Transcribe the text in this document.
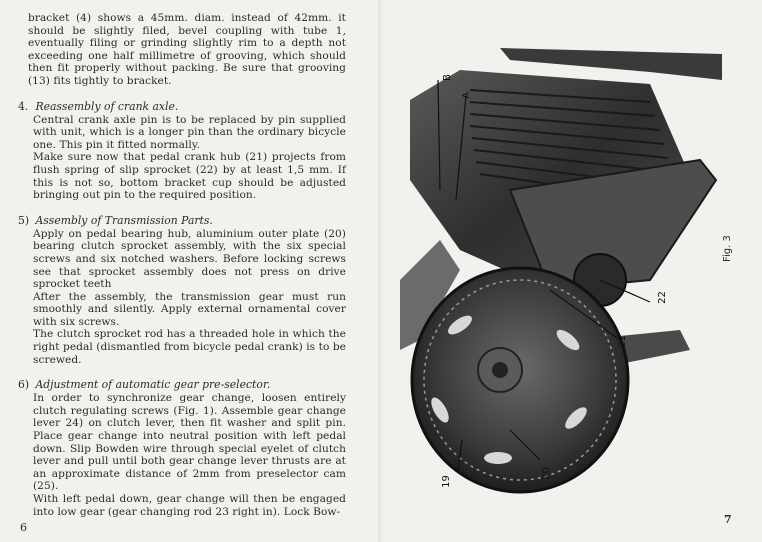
bracket (4) shows a 45mm. diam. instead of 42mm. it should be slightly filed, bevel coupling with tube 1, eventually filing or grinding slightly rim to a depth not exceeding one half millimetre of grooving, which should then fit properly without packing. Be sure that grooving (13) fits tightly to bracket.

4. Reassembly of crank axle.

Central crank axle pin is to be replaced by pin supplied with unit, which is a longer pin than the ordinary bicycle one. This pin it fitted normally.

Make sure now that pedal crank hub (21) projects from flush spring of slip sprocket (22) by at least 1,5 mm. If this is not so, bottom bracket cup should be adjusted bringing out pin to the required position.

5) Assembly of Transmission Parts.

Apply on pedal bearing hub, aluminium outer plate (20) bearing clutch sprocket assembly, with the six special screws and six notched washers. Before locking screws see that sprocket assembly does not press on drive sprocket teeth

After the assembly, the transmission gear must run smoothly and silently. Apply external ornamental cover with six screws.

The clutch sprocket rod has a threaded hole in which the right pedal (dismantled from bicycle pedal crank) is to be screwed.

6) Adjustment of automatic gear pre-selector.

In order to synchronize gear change, loosen entirely clutch regulating screws (Fig. 1). Assemble gear change lever 24) on clutch lever, then fit washer and split pin. Place gear change into neutral position with left pedal down. Slip Bowden wire through special eyelet of clutch lever and pull until both gear change lever thrusts are at an approximate distance of 2mm from preselector cam (25).

With left pedal down, gear change will then be engaged into low gear (gear changing rod 23 right in). Lock Bow-

6
7
B
A
22
21
20
19
Fig. 3
